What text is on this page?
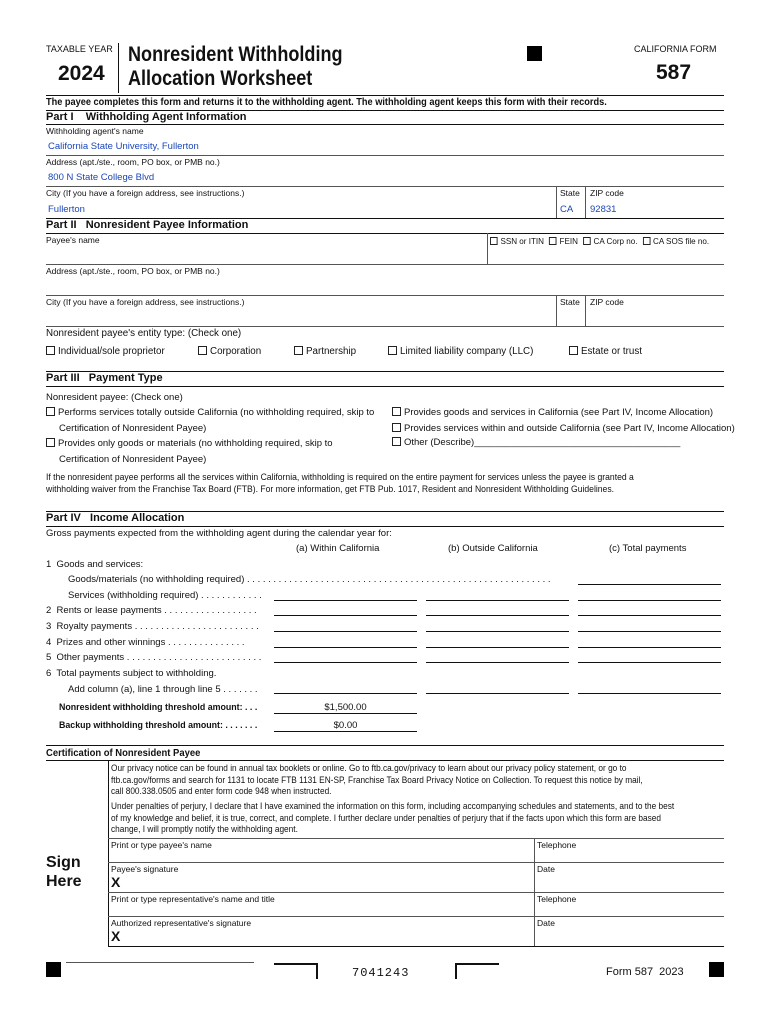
TAXABLE YEAR
2024
Nonresident Withholding
Allocation Worksheet
CALIFORNIA FORM
587
The payee completes this form and returns it to the withholding agent. The withholding agent keeps this form with their records.
Part I    Withholding Agent Information
Withholding agent's name
California State University, Fullerton
Address (apt./ste., room, PO box, or PMB no.)
800 N State College Blvd
City (If you have a foreign address, see instructions.)
Fullerton
State
CA
ZIP code
92831
Part II   Nonresident Payee Information
Payee's name	SSN or ITIN FEIN CA Corp no. CA SOS file no.
Address (apt./ste., room, PO box, or PMB no.)
City (If you have a foreign address, see instructions.)	State ZIP code
Nonresident payee's entity type: (Check one)
Individual/sole proprietor	Corporation	Partnership	Limited liability company (LLC)	Estate or trust
Part III   Payment Type
Nonresident payee: (Check one)
Performs services totally outside California (no withholding required, skip to
Certification of Nonresident Payee)
Provides only goods or materials (no withholding required, skip to
Certification of Nonresident Payee)
Provides goods and services in California (see Part IV, Income Allocation)
Provides services within and outside California (see Part IV, Income Allocation)
Other (Describe)_______________________________________
If the nonresident payee performs all the services within California, withholding is required on the entire payment for services unless the payee is granted a
withholding waiver from the Franchise Tax Board (FTB). For more information, get FTB Pub. 1017, Resident and Nonresident Withholding Guidelines.
Part IV   Income Allocation
Gross payments expected from the withholding agent during the calendar year for:
(a) Within California	(b) Outside California	(c) Total payments
1  Goods and services:
Goods/materials (no withholding required) . . . . . . . . . . . . . . . . . . . . . . . . . . . . . . . . . . . . . . . . . . . . . . . . . . . . . . . . . .
Services (withholding required) . . . . . . . . . . . .
2  Rents or lease payments . . . . . . . . . . . . . . . . . .
3  Royalty payments . . . . . . . . . . . . . . . . . . . . . . . .
4  Prizes and other winnings . . . . . . . . . . . . . . .
5  Other payments . . . . . . . . . . . . . . . . . . . . . . . . . .
6  Total payments subject to withholding.
Add column (a), line 1 through line 5 . . . . . . .
Nonresident withholding threshold amount: . . .	$1,500.00
Backup withholding threshold amount: . . . . . . .	$0.00
Certification of Nonresident Payee
Our privacy notice can be found in annual tax booklets or online. Go to ftb.ca.gov/privacy to learn about our privacy policy statement, or go to
ftb.ca.gov/forms and search for 1131 to locate FTB 1131 EN-SP, Franchise Tax Board Privacy Notice on Collection. To request this notice by mail,
call 800.338.0505 and enter form code 948 when instructed.
Under penalties of perjury, I declare that I have examined the information on this form, including accompanying schedules and statements, and to the best
of my knowledge and belief, it is true, correct, and complete. I further declare under penalties of perjury that if the facts upon which this form are based
change, I will promptly notify the withholding agent.
Print or type payee's name	Telephone
Sign
Here
Payee's signature
X
Date
Print or type representative's name and title	Telephone
Authorized representative's signature
X
Date
7041243	Form 587  2023
